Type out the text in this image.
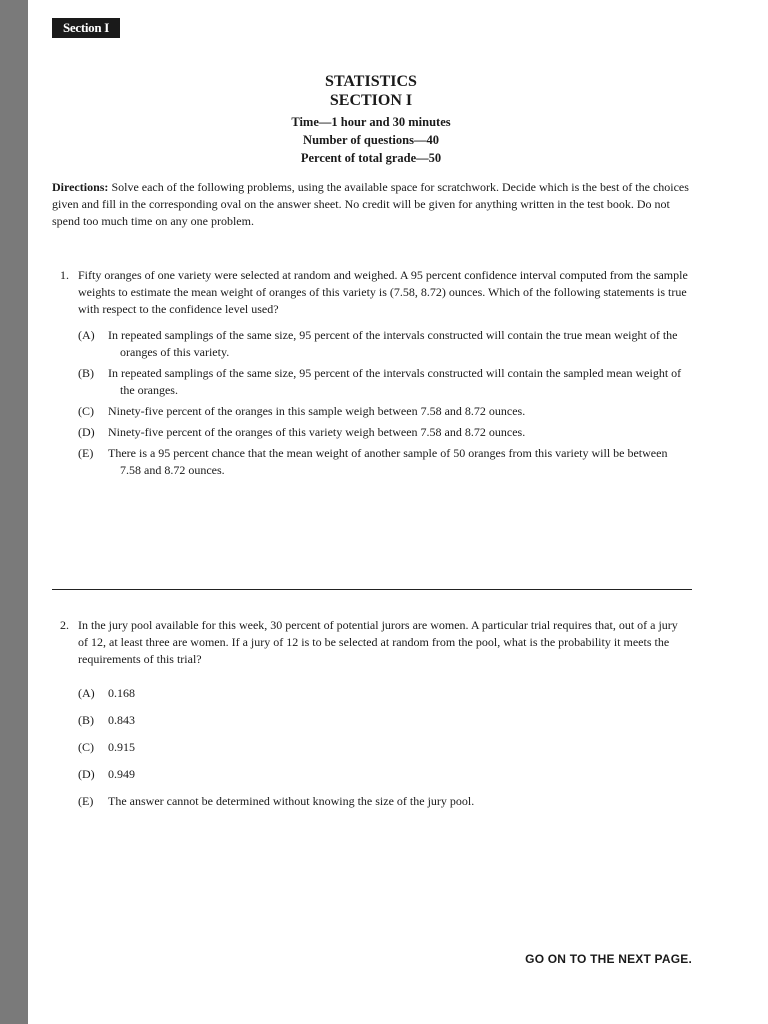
Section I
STATISTICS
SECTION I
Time—1 hour and 30 minutes
Number of questions—40
Percent of total grade—50
Directions: Solve each of the following problems, using the available space for scratchwork. Decide which is the best of the choices given and fill in the corresponding oval on the answer sheet. No credit will be given for anything written in the test book. Do not spend too much time on any one problem.
1. Fifty oranges of one variety were selected at random and weighed. A 95 percent confidence interval computed from the sample weights to estimate the mean weight of oranges of this variety is (7.58, 8.72) ounces. Which of the following statements is true with respect to the confidence level used?
(A) In repeated samplings of the same size, 95 percent of the intervals constructed will contain the true mean weight of the
oranges of this variety.
(B) In repeated samplings of the same size, 95 percent of the intervals constructed will contain the sampled mean weight of
the oranges.
(C) Ninety-five percent of the oranges in this sample weigh between 7.58 and 8.72 ounces.
(D) Ninety-five percent of the oranges of this variety weigh between 7.58 and 8.72 ounces.
(E) There is a 95 percent chance that the mean weight of another sample of 50 oranges from this variety will be between
7.58 and 8.72 ounces.
2. In the jury pool available for this week, 30 percent of potential jurors are women. A particular trial requires that, out of a jury of 12, at least three are women. If a jury of 12 is to be selected at random from the pool, what is the probability it meets the requirements of this trial?
(A) 0.168
(B) 0.843
(C) 0.915
(D) 0.949
(E) The answer cannot be determined without knowing the size of the jury pool.
GO ON TO THE NEXT PAGE.
